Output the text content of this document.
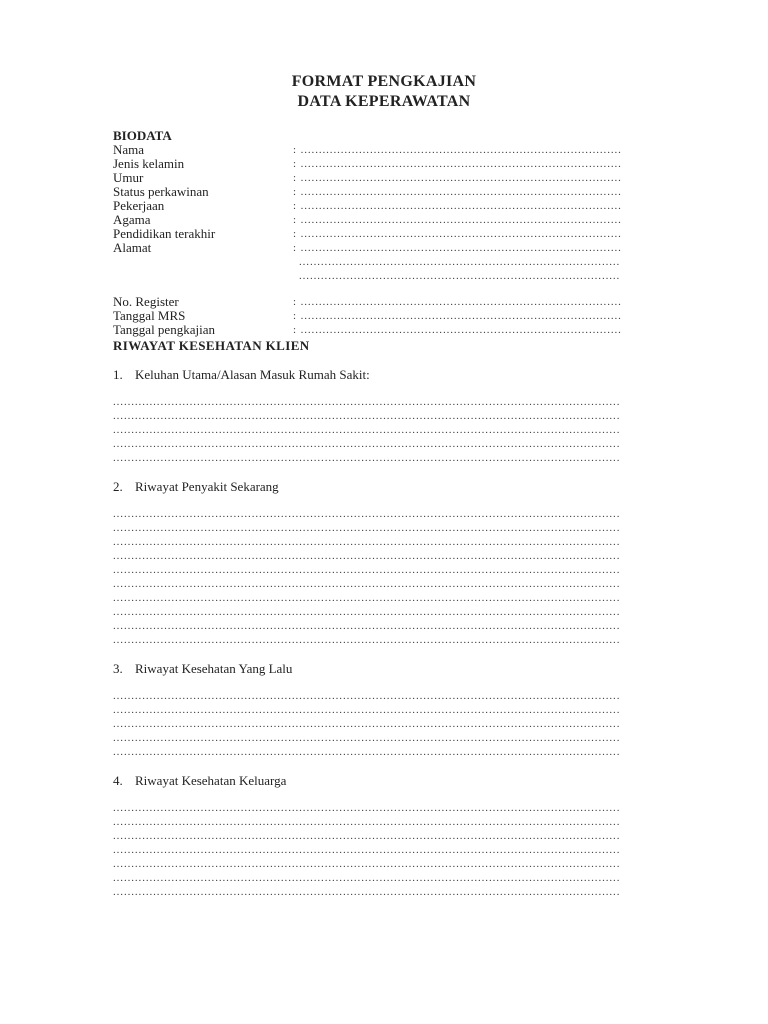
FORMAT PENGKAJIAN
DATA KEPERAWATAN
BIODATA
Nama	: ........................................................................................
Jenis kelamin	: ........................................................................................
Umur	: ........................................................................................
Status perkawinan	: ........................................................................................
Pekerjaan	: ........................................................................................
Agama	: ........................................................................................
Pendidikan terakhir	: ........................................................................................
Alamat	: ........................................................................................
........................................................................................
........................................................................................
No. Register	: ........................................................................................
Tanggal MRS	: ........................................................................................
Tanggal pengkajian	: ........................................................................................
RIWAYAT KESEHATAN KLIEN
1. Keluhan Utama/Alasan Masuk Rumah Sakit:
...........................................................................................................................................
...........................................................................................................................................
...........................................................................................................................................
...........................................................................................................................................
...........................................................................................................................................
2. Riwayat Penyakit Sekarang
...........................................................................................................................................
...........................................................................................................................................
...........................................................................................................................................
...........................................................................................................................................
...........................................................................................................................................
...........................................................................................................................................
...........................................................................................................................................
...........................................................................................................................................
...........................................................................................................................................
...........................................................................................................................................
3. Riwayat Kesehatan Yang Lalu
...........................................................................................................................................
...........................................................................................................................................
...........................................................................................................................................
...........................................................................................................................................
...........................................................................................................................................
4. Riwayat Kesehatan Keluarga
...........................................................................................................................................
...........................................................................................................................................
...........................................................................................................................................
...........................................................................................................................................
...........................................................................................................................................
...........................................................................................................................................
...........................................................................................................................................
